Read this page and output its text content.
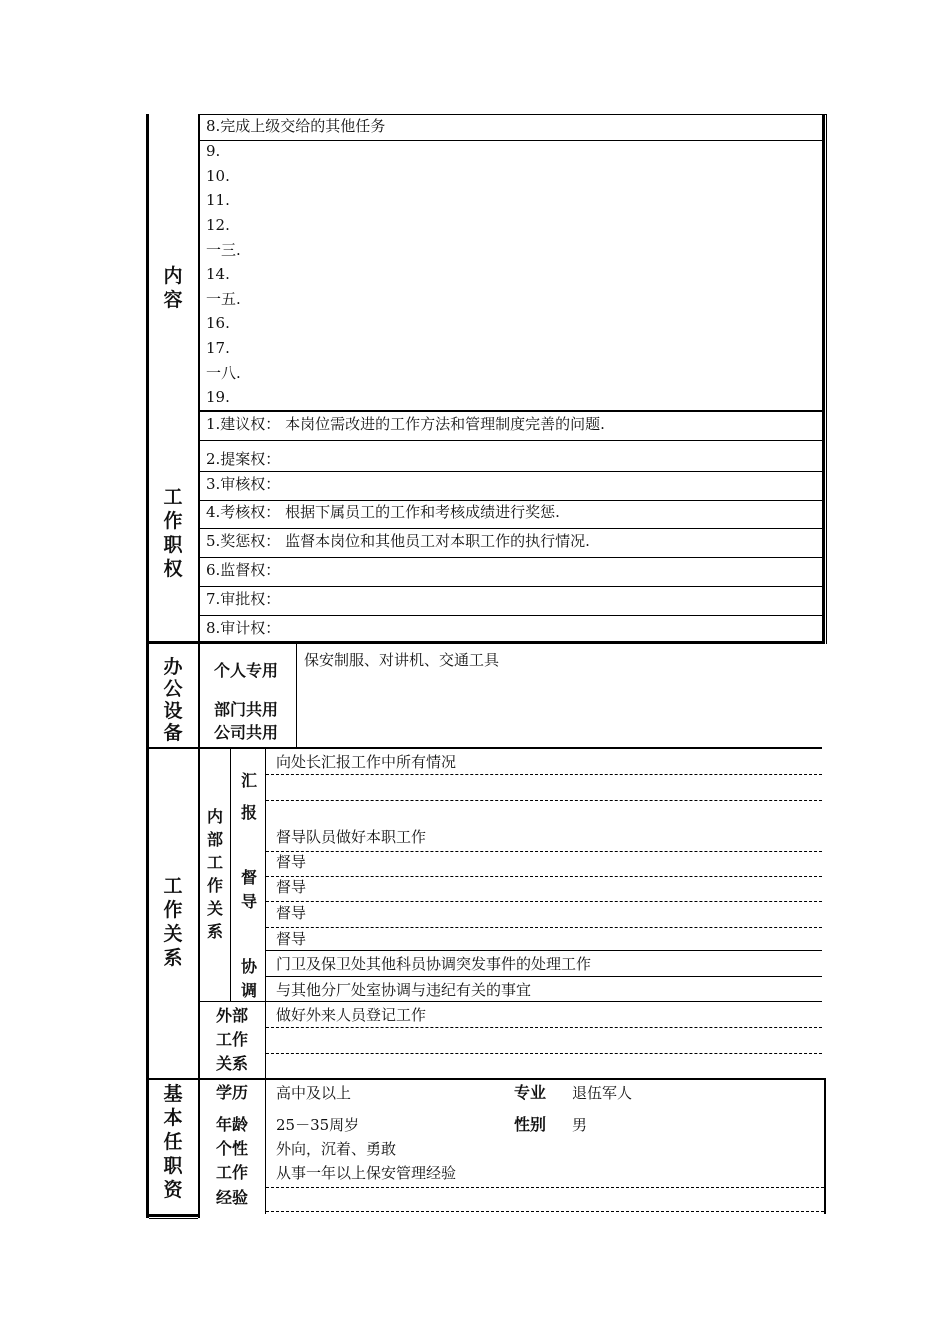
内容
8.完成上级交给的其他任务
9.
10.
11.
12.
一三.
14.
一五.
16.
17.
一八.
19.
工作职权
1.建议权： 本岗位需改进的工作方法和管理制度完善的问题.
2.提案权：
3.审核权：
4.考核权： 根据下属员工的工作和考核成绩进行奖惩.
5.奖惩权： 监督本岗位和其他员工对本职工作的执行情况.
6.监督权：
7.审批权：
8.审计权：
办公设备
个人专用
保安制服、对讲机、交通工具
部门共用
公司共用
工作关系
内部工作关系
汇报
向处长汇报工作中所有情况
督导
督导队员做好本职工作
督导
督导
督导
督导
协调
门卫及保卫处其他科员协调突发事件的处理工作
与其他分厂处室协调与违纪有关的事宜
外部
工作
关系
做好外来人员登记工作
基本任职资
学历 高中及以上	专业 退伍军人
年龄 25－35周岁	性别 男
个性 外向，沉着、勇敢
工作
经验
从事一年以上保安管理经验
